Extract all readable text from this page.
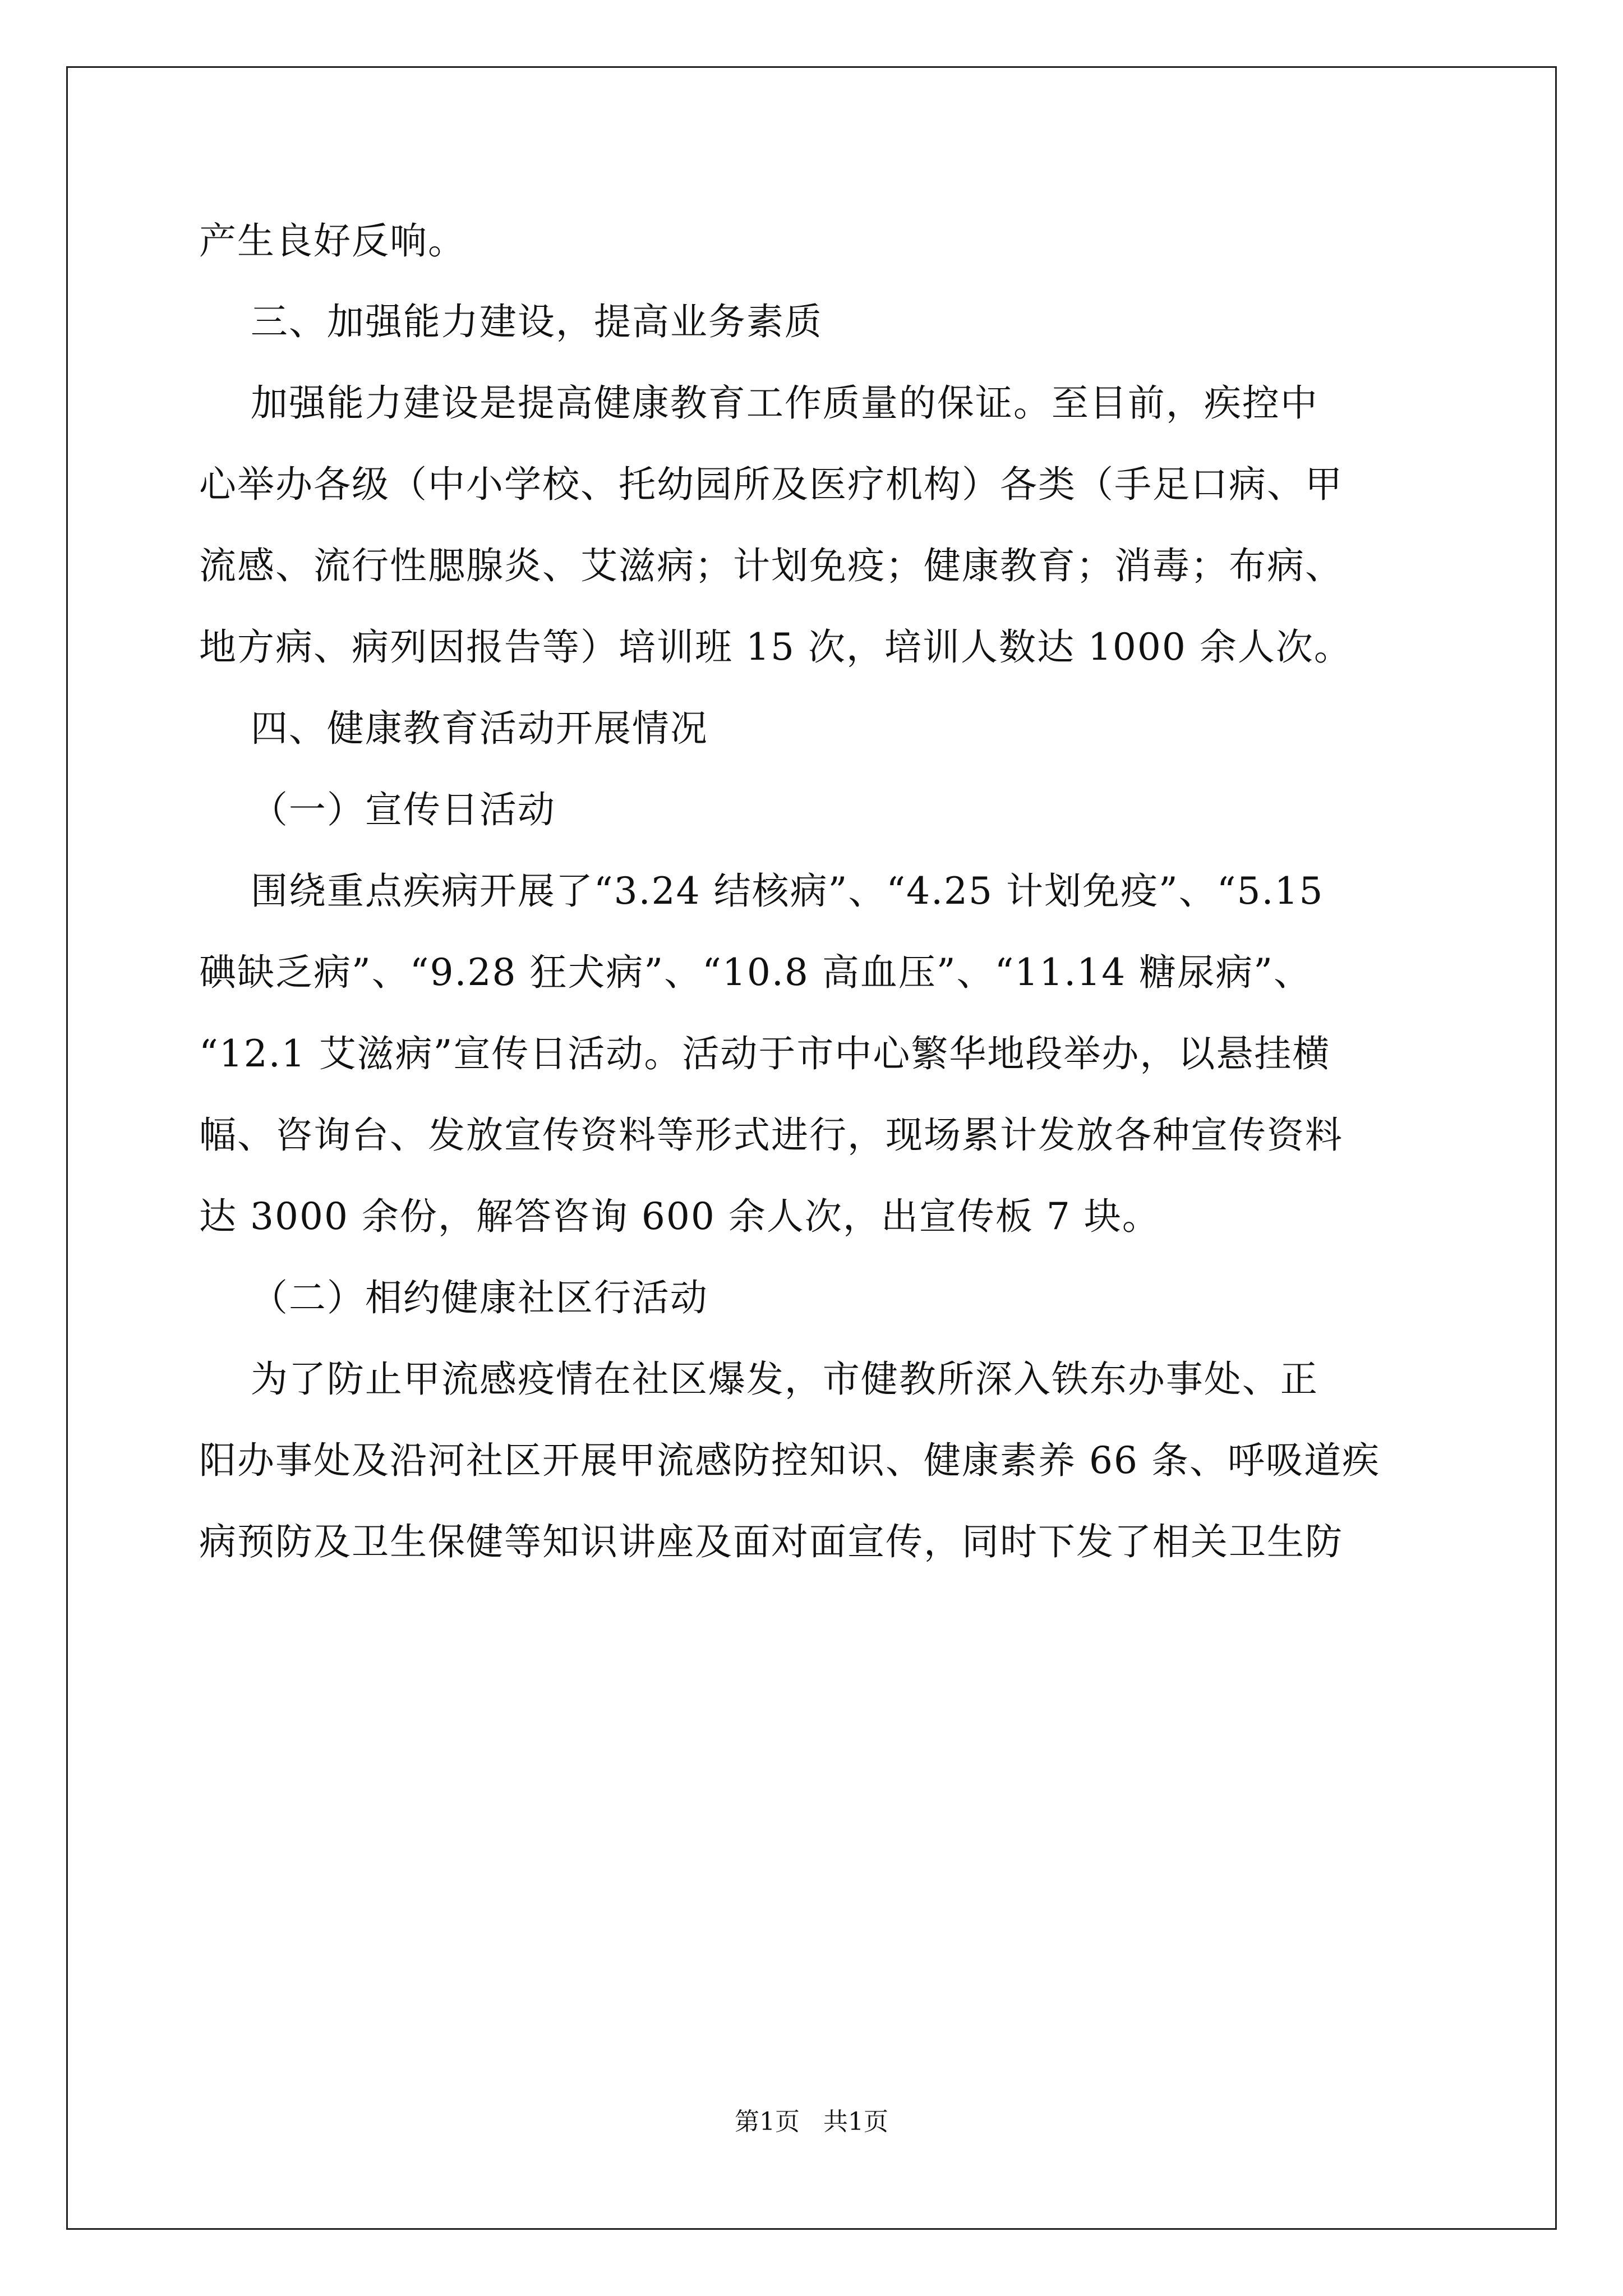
产生良好反响。
三、加强能力建设，提高业务素质
加强能力建设是提高健康教育工作质量的保证。至目前，疾控中
心举办各级（中小学校、托幼园所及医疗机构）各类（手足口病、甲
流感、流行性腮腺炎、艾滋病；计划免疫；健康教育；消毒；布病、
地方病、病列因报告等）培训班 15 次，培训人数达 1000 余人次。
四、健康教育活动开展情况
（一）宣传日活动
围绕重点疾病开展了“3.24 结核病”、“4.25 计划免疫”、“5.15
碘缺乏病”、“9.28 狂犬病”、“10.8 高血压”、“11.14 糖尿病”、
“12.1 艾滋病”宣传日活动。活动于市中心繁华地段举办，以悬挂横
幅、咨询台、发放宣传资料等形式进行，现场累计发放各种宣传资料
达 3000 余份，解答咨询 600 余人次，出宣传板 7 块。
（二）相约健康社区行活动
为了防止甲流感疫情在社区爆发，市健教所深入铁东办事处、正
阳办事处及沿河社区开展甲流感防控知识、健康素养 66 条、呼吸道疾
病预防及卫生保健等知识讲座及面对面宣传，同时下发了相关卫生防
第1页   共1页
